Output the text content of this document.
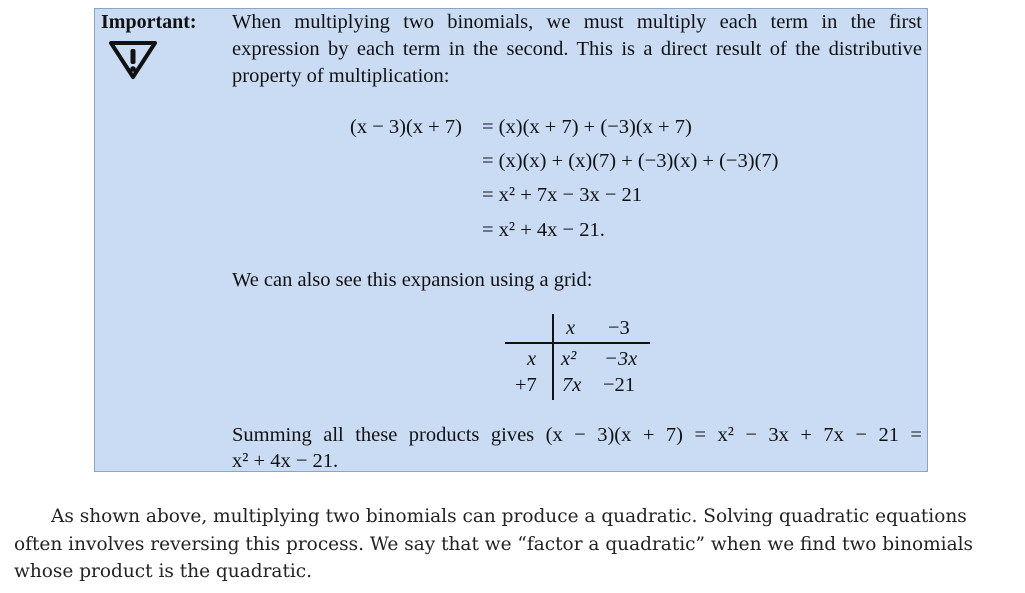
Important: When multiplying two binomials, we must multiply each term in the first expression by each term in the second. This is a direct result of the distributive property of multiplication:
(x − 3)(x + 7) = (x)(x + 7) + (−3)(x + 7)
= (x)(x) + (x)(7) + (−3)(x) + (−3)(7)
= x² + 7x − 3x − 21
= x² + 4x − 21.
We can also see this expansion using a grid:
x −3
x
+7
x² −3x
7x −21
Summing all these products gives (x − 3)(x + 7) = x² − 3x + 7x − 21 =
x² + 4x − 21.
As shown above, multiplying two binomials can produce a quadratic. Solving quadratic equations often involves reversing this process. We say that we “factor a quadratic” when we find two binomials whose product is the quadratic.
